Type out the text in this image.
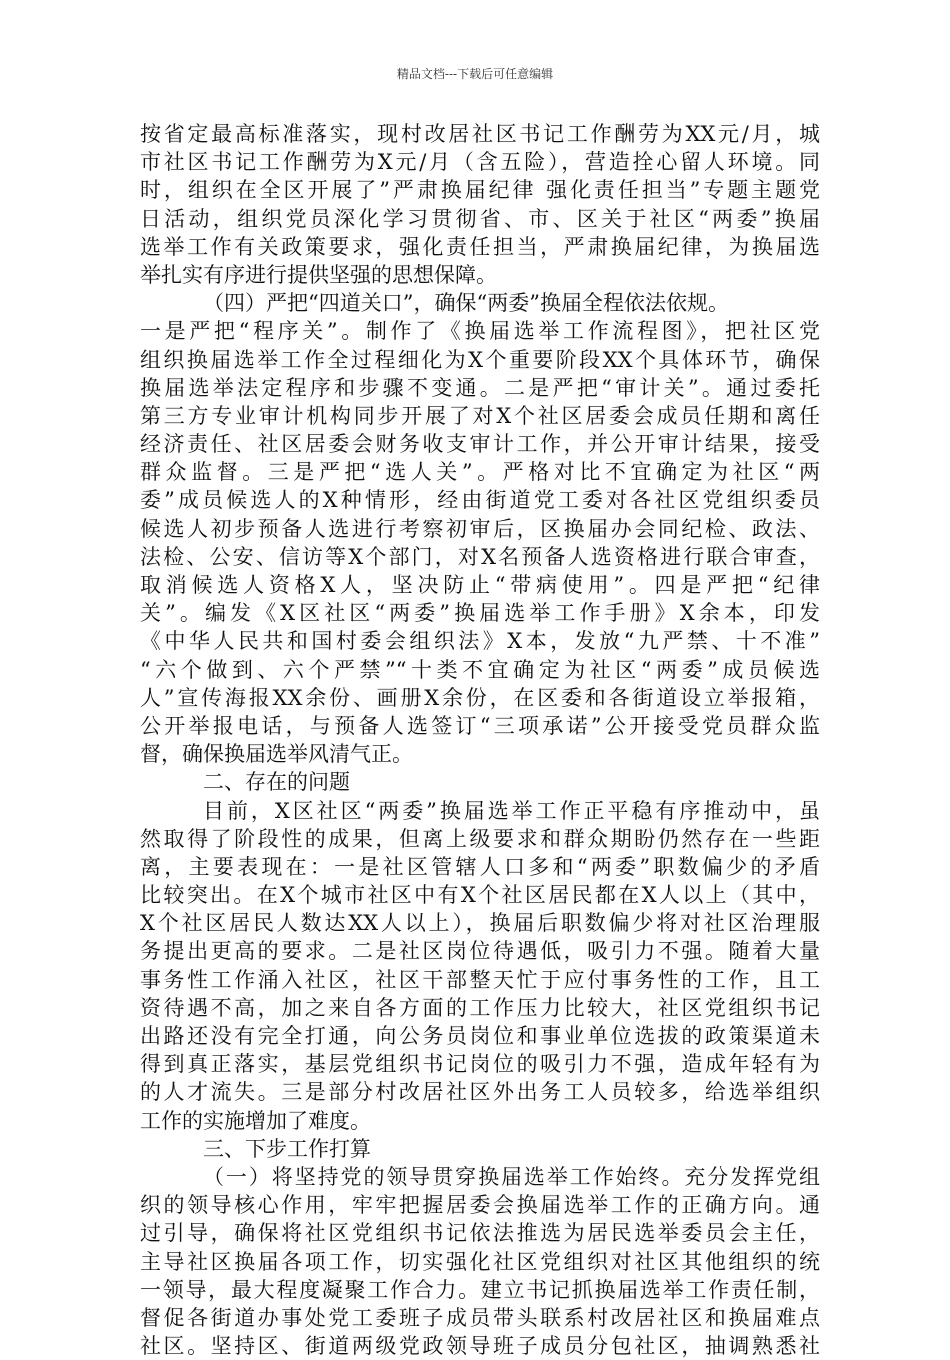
精品文档---下载后可任意编辑
按省定最高标准落实，现村改居社区书记工作酬劳为XX元/月，城
市社区书记工作酬劳为X元/月（含五险），营造拴心留人环境。同
时，组织在全区开展了”严肃换届纪律 强化责任担当”专题主题党
日活动，组织党员深化学习贯彻省、市、区关于社区“两委”换届
选举工作有关政策要求，强化责任担当，严肃换届纪律，为换届选
举扎实有序进行提供坚强的思想保障。
（四）严把“四道关口”，确保“两委”换届全程依法依规。
一是严把“程序关”。制作了《换届选举工作流程图》，把社区党
组织换届选举工作全过程细化为X个重要阶段XX个具体环节，确保
换届选举法定程序和步骤不变通。二是严把“审计关”。通过委托
第三方专业审计机构同步开展了对X个社区居委会成员任期和离任
经济责任、社区居委会财务收支审计工作，并公开审计结果，接受
群众监督。三是严把“选人关”。严格对比不宜确定为社区“两
委”成员候选人的X种情形，经由街道党工委对各社区党组织委员
候选人初步预备人选进行考察初审后，区换届办会同纪检、政法、
法检、公安、信访等X个部门，对X名预备人选资格进行联合审查，
取消候选人资格X人，坚决防止“带病使用”。四是严把“纪律
关”。编发《X区社区“两委”换届选举工作手册》X余本，印发
《中华人民共和国村委会组织法》X本，发放“九严禁、十不准”
“六个做到、六个严禁”“十类不宜确定为社区“两委”成员候选
人”宣传海报XX余份、画册X余份，在区委和各街道设立举报箱，
公开举报电话，与预备人选签订“三项承诺”公开接受党员群众监
督，确保换届选举风清气正。
二、存在的问题
目前，X区社区“两委”换届选举工作正平稳有序推动中，虽
然取得了阶段性的成果，但离上级要求和群众期盼仍然存在一些距
离，主要表现在：一是社区管辖人口多和“两委”职数偏少的矛盾
比较突出。在X个城市社区中有X个社区居民都在X人以上（其中，
X个社区居民人数达XX人以上），换届后职数偏少将对社区治理服
务提出更高的要求。二是社区岗位待遇低，吸引力不强。随着大量
事务性工作涌入社区，社区干部整天忙于应付事务性的工作，且工
资待遇不高，加之来自各方面的工作压力比较大，社区党组织书记
出路还没有完全打通，向公务员岗位和事业单位选拔的政策渠道未
得到真正落实，基层党组织书记岗位的吸引力不强，造成年轻有为
的人才流失。三是部分村改居社区外出务工人员较多，给选举组织
工作的实施增加了难度。
三、下步工作打算
（一）将坚持党的领导贯穿换届选举工作始终。充分发挥党组
织的领导核心作用，牢牢把握居委会换届选举工作的正确方向。通
过引导，确保将社区党组织书记依法推选为居民选举委员会主任，
主导社区换届各项工作，切实强化社区党组织对社区其他组织的统
一领导，最大程度凝聚工作合力。建立书记抓换届选举工作责任制，
督促各街道办事处党工委班子成员带头联系村改居社区和换届难点
社区。坚持区、街道两级党政领导班子成员分包社区，抽调熟悉社
